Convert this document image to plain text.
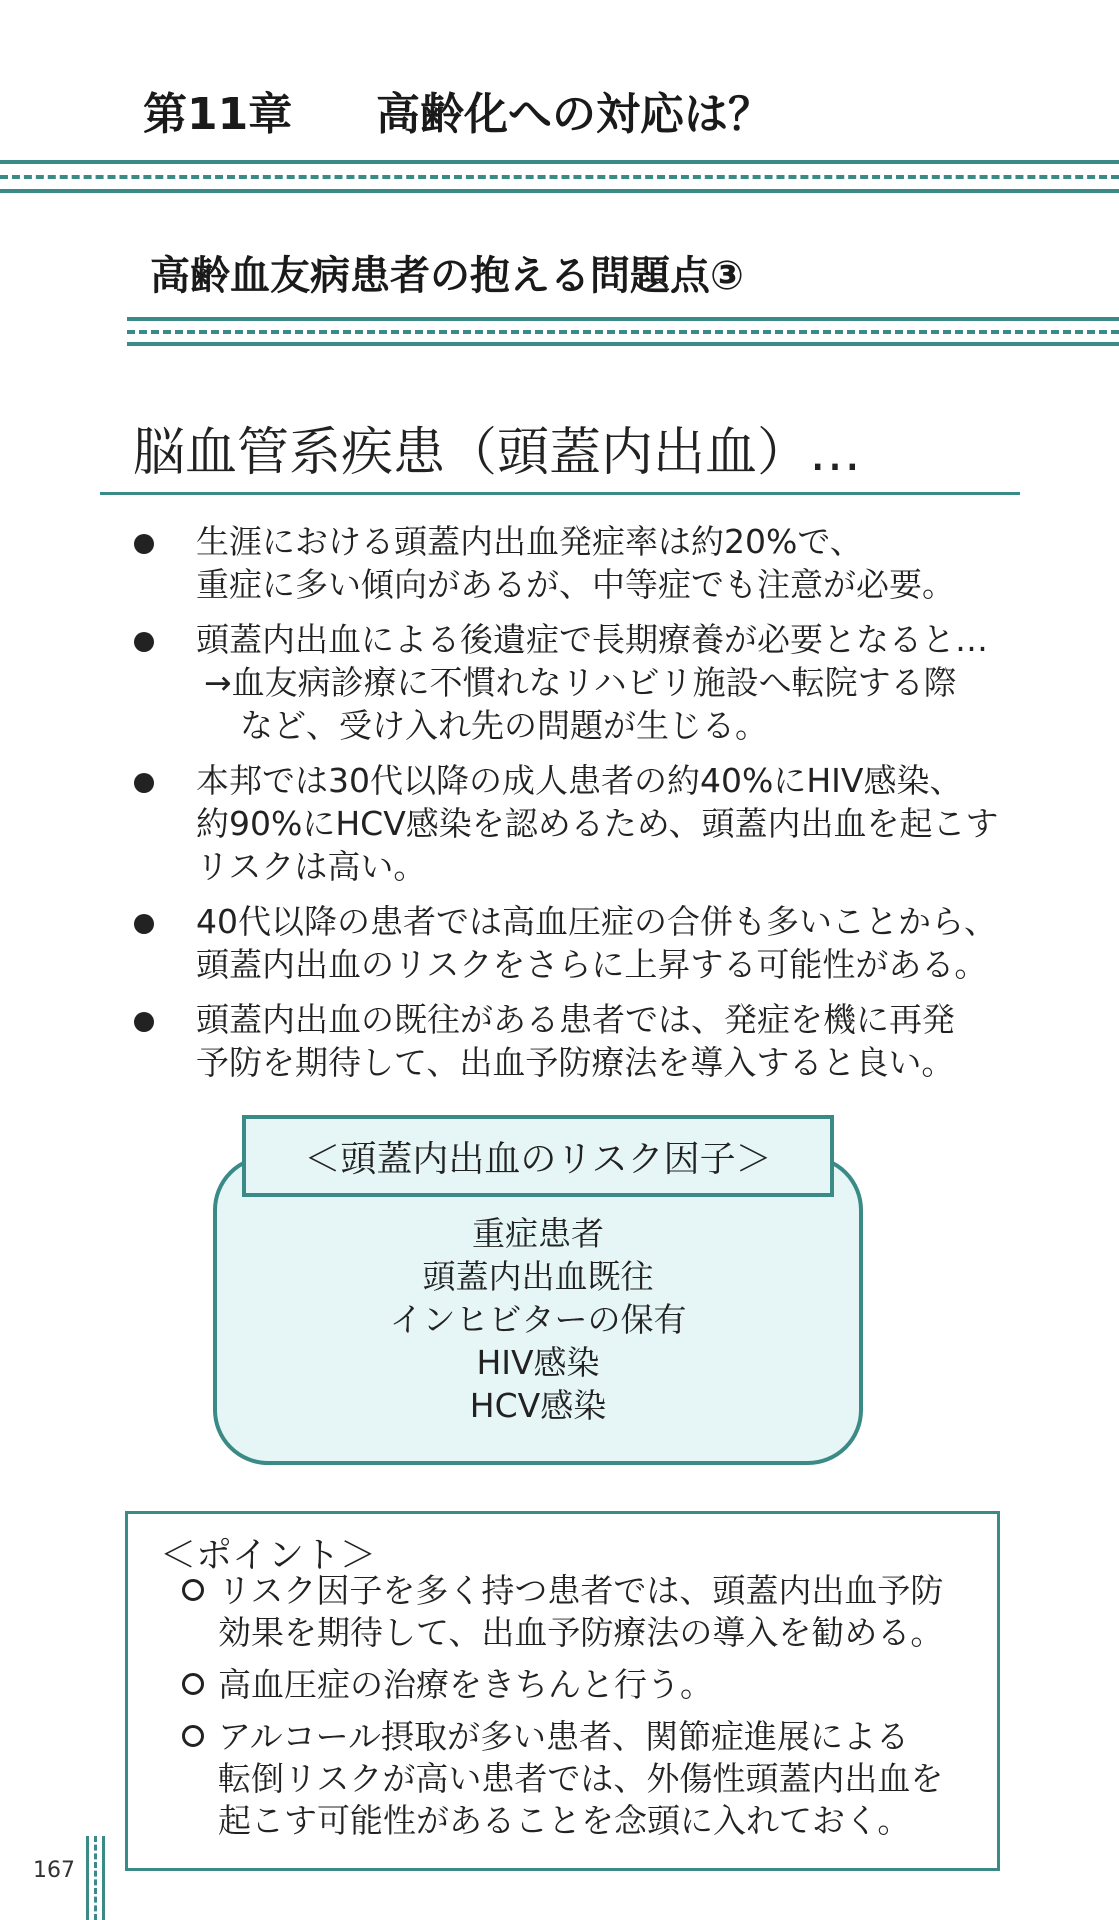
第11章 高齢化への対応は？
高齢血友病患者の抱える問題点③
脳血管系疾患（頭蓋内出血）…
生涯における頭蓋内出血発症率は約20%で、
重症に多い傾向があるが、中等症でも注意が必要。
頭蓋内出血による後遺症で長期療養が必要となると…
→血友病診療に不慣れなリハビリ施設へ転院する際
など、受け入れ先の問題が生じる。
本邦では30代以降の成人患者の約40%にHIV感染、
約90%にHCV感染を認めるため、頭蓋内出血を起こす
リスクは高い。
40代以降の患者では高血圧症の合併も多いことから、
頭蓋内出血のリスクをさらに上昇する可能性がある。
頭蓋内出血の既往がある患者では、発症を機に再発
予防を期待して、出血予防療法を導入すると良い。
＜頭蓋内出血のリスク因子＞
重症患者
頭蓋内出血既往
インヒビターの保有
HIV感染
HCV感染
＜ポイント＞
リスク因子を多く持つ患者では、頭蓋内出血予防
効果を期待して、出血予防療法の導入を勧める。
高血圧症の治療をきちんと行う。
アルコール摂取が多い患者、関節症進展による
転倒リスクが高い患者では、外傷性頭蓋内出血を
起こす可能性があることを念頭に入れておく。
167
